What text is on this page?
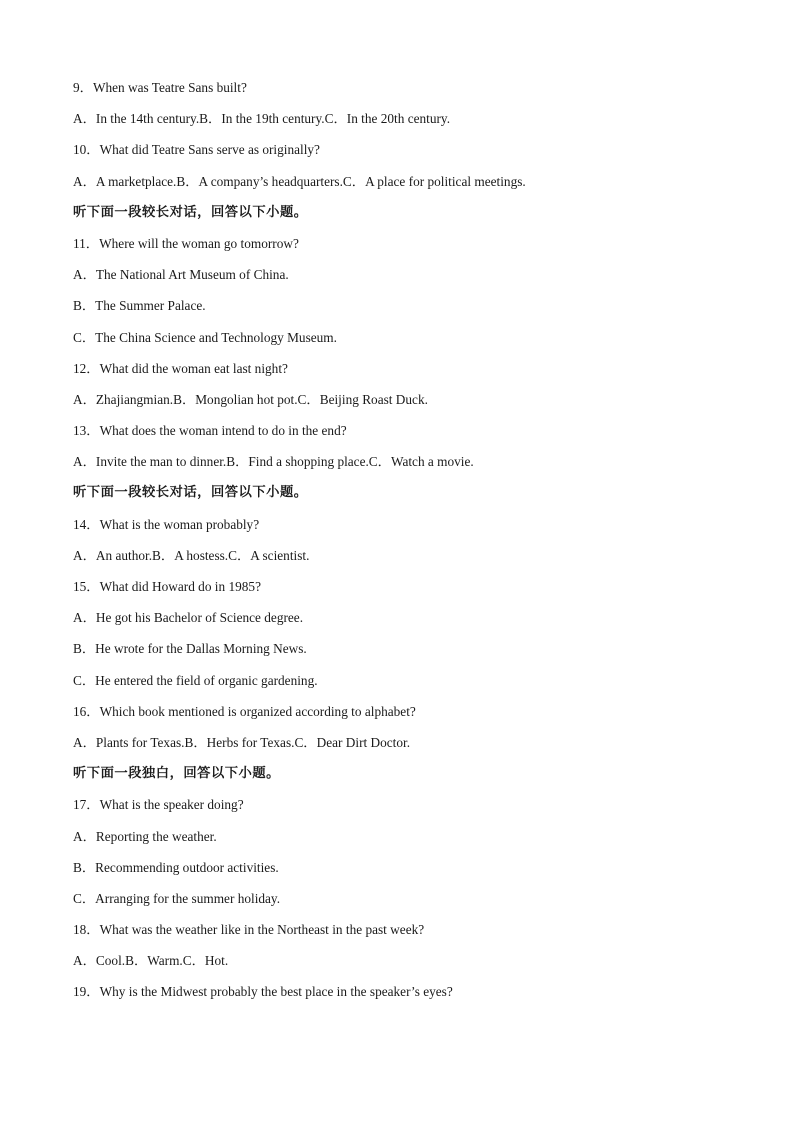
9．When was Teatre Sans built?
A．In the 14th century.B．In the 19th century.C．In the 20th century.
10．What did Teatre Sans serve as originally?
A．A marketplace.B．A company’s headquarters.C．A place for political meetings.
听下面一段较长对话，回答以下小题。
11．Where will the woman go tomorrow?
A．The National Art Museum of China.
B．The Summer Palace.
C．The China Science and Technology Museum.
12．What did the woman eat last night?
A．Zhajiangmian.B．Mongolian hot pot.C．Beijing Roast Duck.
13．What does the woman intend to do in the end?
A．Invite the man to dinner.B．Find a shopping place.C．Watch a movie.
听下面一段较长对话，回答以下小题。
14．What is the woman probably?
A．An author.B．A hostess.C．A scientist.
15．What did Howard do in 1985?
A．He got his Bachelor of Science degree.
B．He wrote for the Dallas Morning News.
C．He entered the field of organic gardening.
16．Which book mentioned is organized according to alphabet?
A．Plants for Texas.B．Herbs for Texas.C．Dear Dirt Doctor.
听下面一段独白，回答以下小题。
17．What is the speaker doing?
A．Reporting the weather.
B．Recommending outdoor activities.
C．Arranging for the summer holiday.
18．What was the weather like in the Northeast in the past week?
A．Cool.B．Warm.C．Hot.
19．Why is the Midwest probably the best place in the speaker’s eyes?
